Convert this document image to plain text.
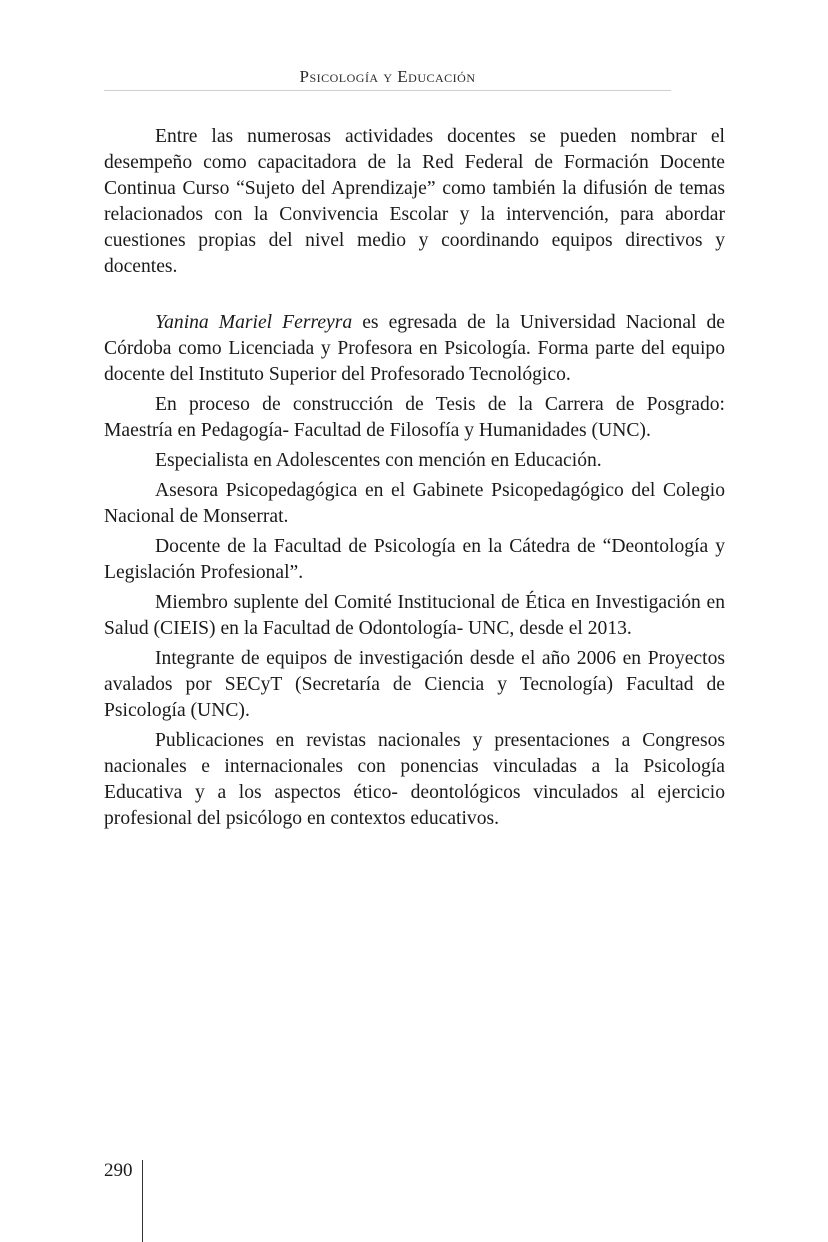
Psicología y Educación

Entre las numerosas actividades docentes se pueden nombrar el desempeño como capacitadora de la Red Federal de Formación Docente Continua Curso “Sujeto del Aprendizaje” como también la difusión de temas relacionados con la Convivencia Escolar y la intervención, para abordar cuestiones propias del nivel medio y coordinando equipos directivos y docentes.

Yanina Mariel Ferreyra es egresada de la Universidad Nacional de Córdoba como Licenciada y Profesora en Psicología. Forma parte del equipo docente del Instituto Superior del Profesorado Tecnológico.

En proceso de construcción de Tesis de la Carrera de Posgrado: Maestría en Pedagogía- Facultad de Filosofía y Humanidades (UNC).

Especialista en Adolescentes con mención en Educación.

Asesora Psicopedagógica en el Gabinete Psicopedagógico del Colegio Nacional de Monserrat.

Docente de la Facultad de Psicología en la Cátedra de “Deontología y Legislación Profesional”.

Miembro suplente del Comité Institucional de Ética en Investigación en Salud (CIEIS) en la Facultad de Odontología- UNC, desde el 2013.

Integrante de equipos de investigación desde el año 2006 en Proyectos avalados por SECyT (Secretaría de Ciencia y Tecnología) Facultad de Psicología (UNC).

Publicaciones en revistas nacionales y presentaciones a Congresos nacionales e internacionales con ponencias vinculadas a la Psicología Educativa y a los aspectos ético- deontológicos vinculados al ejercicio profesional del psicólogo en contextos educativos.

290
